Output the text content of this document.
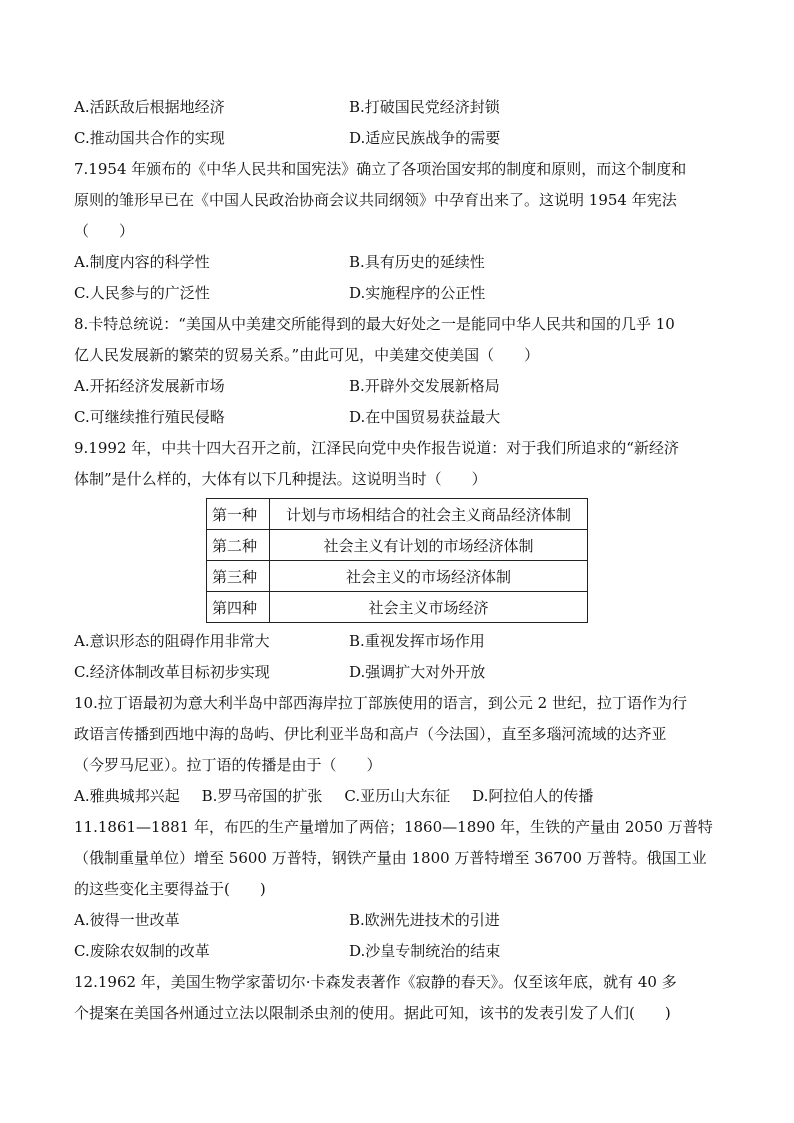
A.活跃敌后根据地经济	B.打破国民党经济封锁
C.推动国共合作的实现	D.适应民族战争的需要
7.1954 年颁布的《中华人民共和国宪法》确立了各项治国安邦的制度和原则，而这个制度和
原则的雏形早已在《中国人民政治协商会议共同纲领》中孕育出来了。这说明 1954 年宪法
（　　）
A.制度内容的科学性	B.具有历史的延续性
C.人民参与的广泛性	D.实施程序的公正性
8.卡特总统说：“美国从中美建交所能得到的最大好处之一是能同中华人民共和国的几乎 10
亿人民发展新的繁荣的贸易关系。”由此可见，中美建交使美国（　　）
A.开拓经济发展新市场	B.开辟外交发展新格局
C.可继续推行殖民侵略	D.在中国贸易获益最大
9.1992 年，中共十四大召开之前，江泽民向党中央作报告说道：对于我们所追求的“新经济
体制”是什么样的，大体有以下几种提法。这说明当时（　　）
第一种	计划与市场相结合的社会主义商品经济体制
第二种	社会主义有计划的市场经济体制
第三种	社会主义的市场经济体制
第四种	社会主义市场经济
A.意识形态的阻碍作用非常大	B.重视发挥市场作用
C.经济体制改革目标初步实现	D.强调扩大对外开放
10.拉丁语最初为意大利半岛中部西海岸拉丁部族使用的语言，到公元 2 世纪，拉丁语作为行
政语言传播到西地中海的岛屿、伊比利亚半岛和高卢（今法国），直至多瑙河流域的达齐亚
（今罗马尼亚）。拉丁语的传播是由于（　　）
A.雅典城邦兴起 B.罗马帝国的扩张 C.亚历山大东征 D.阿拉伯人的传播
11.1861—1881 年，布匹的生产量增加了两倍；1860—1890 年，生铁的产量由 2050 万普特
（俄制重量单位）增至 5600 万普特，钢铁产量由 1800 万普特增至 36700 万普特。俄国工业
的这些变化主要得益于(　　)
A.彼得一世改革	B.欧洲先进技术的引进
C.废除农奴制的改革	D.沙皇专制统治的结束
12.1962 年，美国生物学家蕾切尔·卡森发表著作《寂静的春天》。仅至该年底，就有 40 多
个提案在美国各州通过立法以限制杀虫剂的使用。据此可知，该书的发表引发了人们(　　)
